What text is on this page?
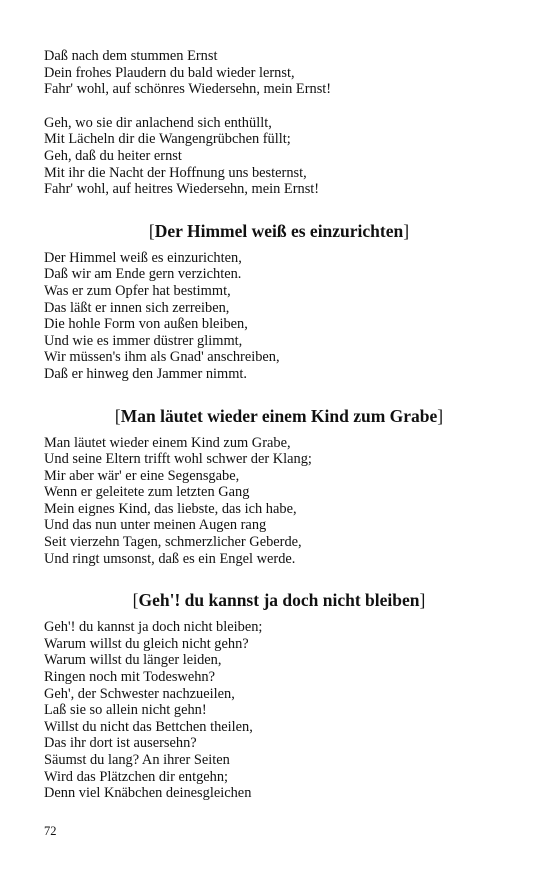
Daß nach dem stummen Ernst
Dein frohes Plaudern du bald wieder lernst,
Fahr' wohl, auf schönres Wiedersehn, mein Ernst!
Geh, wo sie dir anlachend sich enthüllt,
Mit Lächeln dir die Wangengrübchen füllt;
Geh, daß du heiter ernst
Mit ihr die Nacht der Hoffnung uns besternst,
Fahr' wohl, auf heitres Wiedersehn, mein Ernst!
[Der Himmel weiß es einzurichten]
Der Himmel weiß es einzurichten,
Daß wir am Ende gern verzichten.
Was er zum Opfer hat bestimmt,
Das läßt er innen sich zerreiben,
Die hohle Form von außen bleiben,
Und wie es immer düstrer glimmt,
Wir müssen's ihm als Gnad' anschreiben,
Daß er hinweg den Jammer nimmt.
[Man läutet wieder einem Kind zum Grabe]
Man läutet wieder einem Kind zum Grabe,
Und seine Eltern trifft wohl schwer der Klang;
Mir aber wär' er eine Segensgabe,
Wenn er geleitete zum letzten Gang
Mein eignes Kind, das liebste, das ich habe,
Und das nun unter meinen Augen rang
Seit vierzehn Tagen, schmerzlicher Geberde,
Und ringt umsonst, daß es ein Engel werde.
[Geh'! du kannst ja doch nicht bleiben]
Geh'! du kannst ja doch nicht bleiben;
Warum willst du gleich nicht gehn?
Warum willst du länger leiden,
Ringen noch mit Todeswehn?
Geh', der Schwester nachzueilen,
Laß sie so allein nicht gehn!
Willst du nicht das Bettchen theilen,
Das ihr dort ist ausersehn?
Säumst du lang? An ihrer Seiten
Wird das Plätzchen dir entgehn;
Denn viel Knäbchen deinesgleichen
72
